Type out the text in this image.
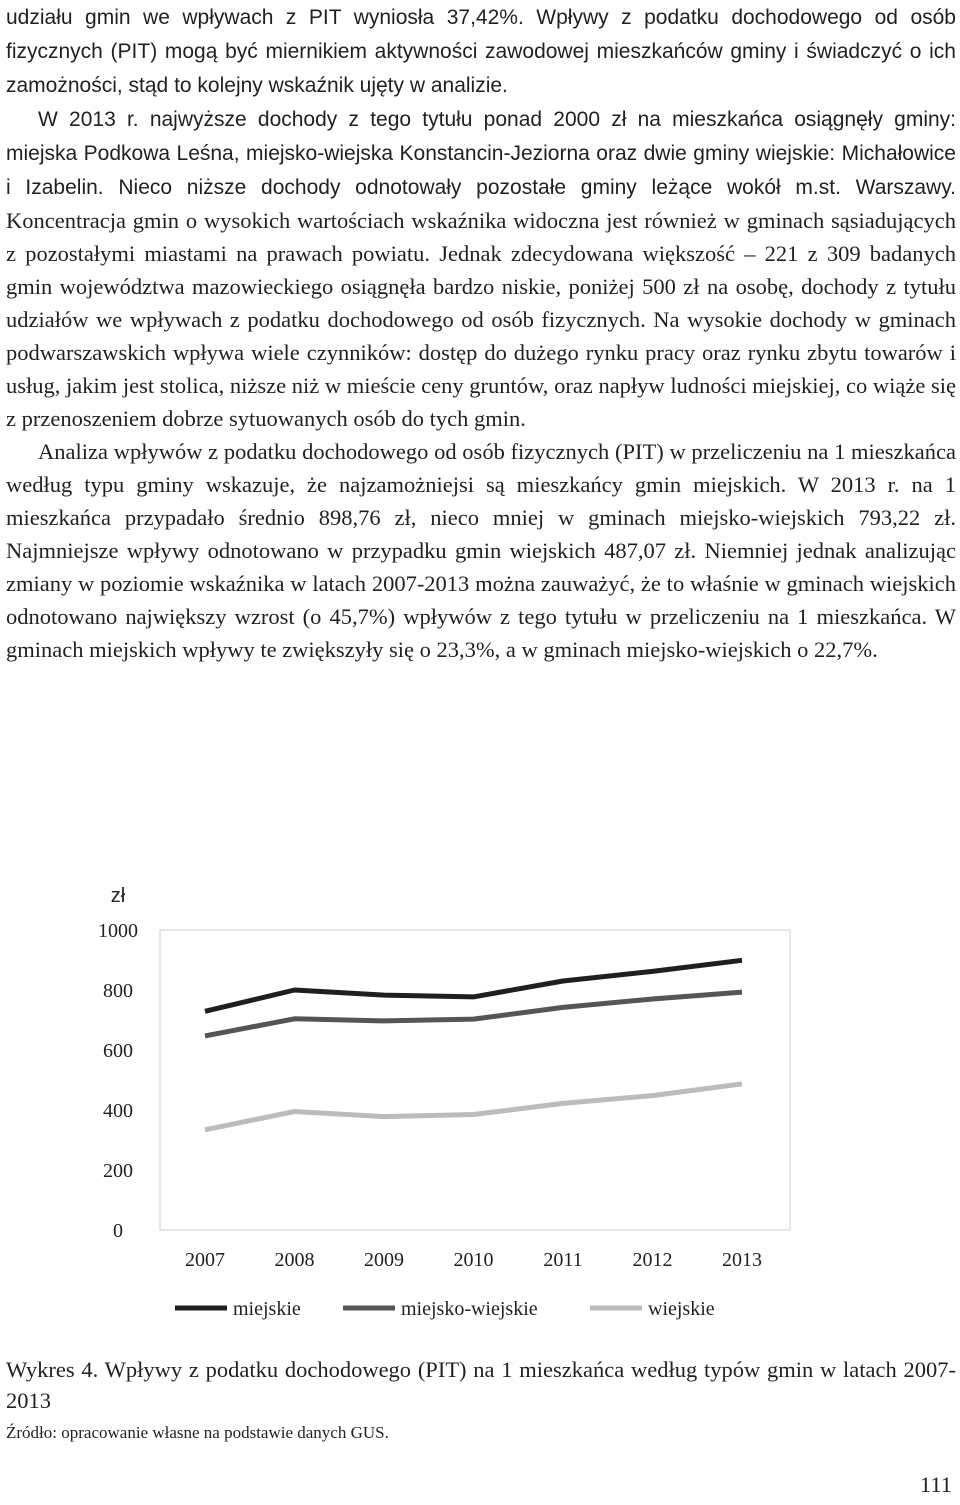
udziału gmin we wpływach z PIT wyniosła 37,42%. Wpływy z podatku dochodowego od osób fizycznych (PIT) mogą być miernikiem aktywności zawodowej mieszkańców gminy i świadczyć o ich zamożności, stąd to kolejny wskaźnik ujęty w analizie.

W 2013 r. najwyższe dochody z tego tytułu ponad 2000 zł na mieszkańca osiągnęły gminy: miejska Podkowa Leśna, miejsko-wiejska Konstancin-Jeziorna oraz dwie gminy wiejskie: Michałowice i Izabelin. Nieco niższe dochody odnotowały pozostałe gminy leżące wokół m.st. Warszawy. Koncentracja gmin o wysokich wartościach wskaźnika widoczna jest również w gminach sąsiadujących z pozostałymi miastami na prawach powiatu. Jednak zdecydowana większość – 221 z 309 badanych gmin województwa mazowieckiego osiągnęła bardzo niskie, poniżej 500 zł na osobę, dochody z tytułu udziałów we wpływach z podatku dochodowego od osób fizycznych. Na wysokie dochody w gminach podwarszawskich wpływa wiele czynników: dostęp do dużego rynku pracy oraz rynku zbytu towarów i usług, jakim jest stolica, niższe niż w mieście ceny gruntów, oraz napływ ludności miejskiej, co wiąże się z przenoszeniem dobrze sytuowanych osób do tych gmin.

Analiza wpływów z podatku dochodowego od osób fizycznych (PIT) w przeliczeniu na 1 mieszkańca według typu gminy wskazuje, że najzamożniejsi są mieszkańcy gmin miejskich. W 2013 r. na 1 mieszkańca przypadało średnio 898,76 zł, nieco mniej w gminach miejsko-wiejskich 793,22 zł. Najmniejsze wpływy odnotowano w przypadku gmin wiejskich 487,07 zł. Niemniej jednak analizując zmiany w poziomie wskaźnika w latach 2007-2013 można zauważyć, że to właśnie w gminach wiejskich odnotowano największy wzrost (o 45,7%) wpływów z tego tytułu w przeliczeniu na 1 mieszkańca. W gminach miejskich wpływy te zwiększyły się o 23,3%, a w gminach miejsko-wiejskich o 22,7%.

zł
0
200
400
600
800
1000
2007 2008 2009 2010 2011 2012 2013
miejskie	miejsko-wiejskie	wiejskie
Wykres 4. Wpływy z podatku dochodowego (PIT) na 1 mieszkańca według typów gmin w latach 2007-2013
Źródło: opracowanie własne na podstawie danych GUS.
111
